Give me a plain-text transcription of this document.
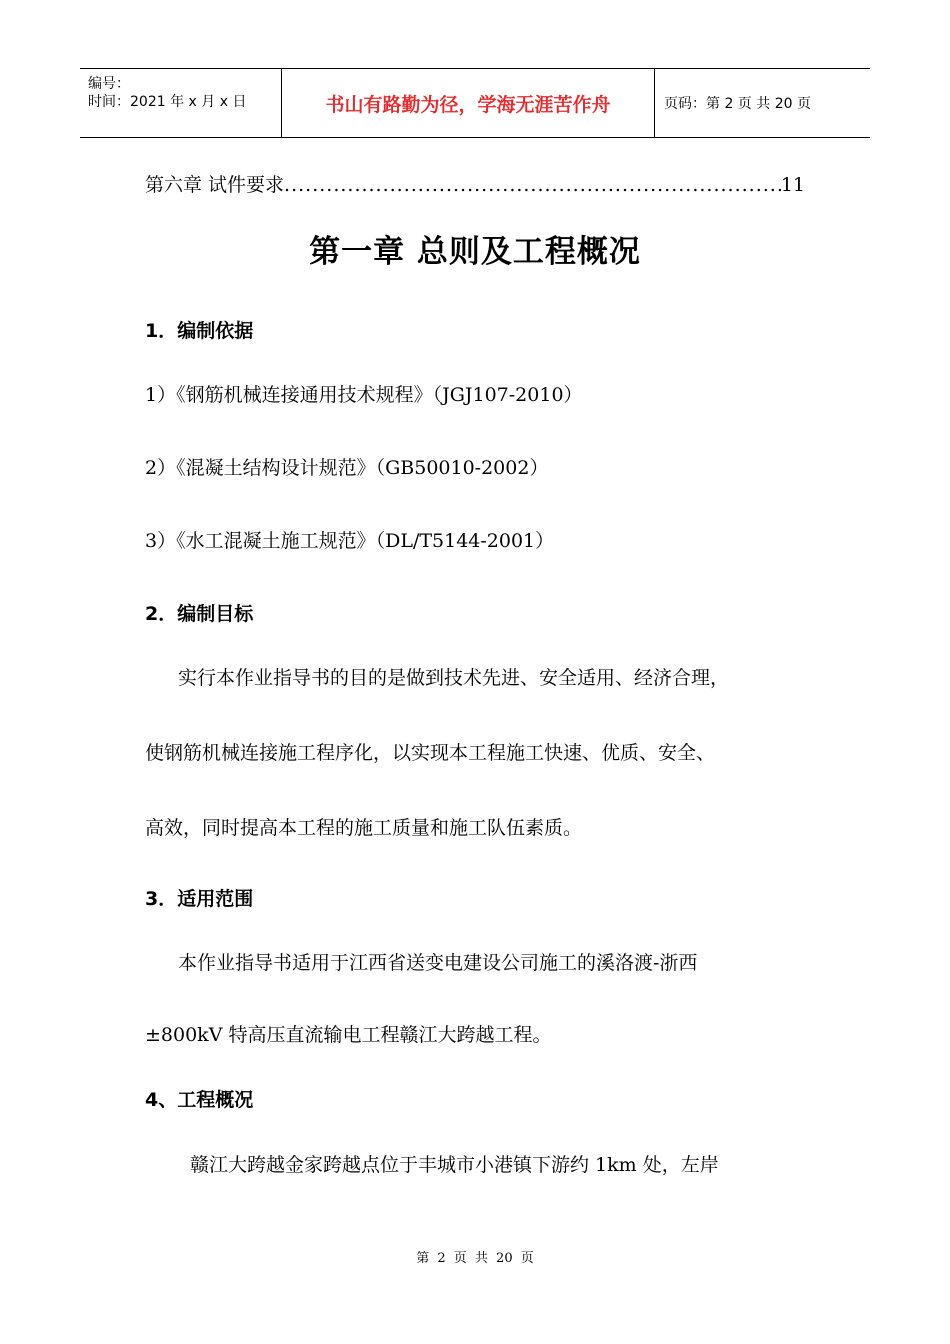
编号：
时间：2021 年 x 月 x 日	书山有路勤为径，学海无涯苦作舟	页码：第 2 页 共 20 页
第六章 试件要求
.....	11
第一章 总则及工程概况
1．编制依据
1）《钢筋机械连接通用技术规程》（JGJ107-2010）
2）《混凝土结构设计规范》（GB50010-2002）
3）《水工混凝土施工规范》（DL/T5144-2001）
2．编制目标
实行本作业指导书的目的是做到技术先进、安全适用、经济合理，
使钢筋机械连接施工程序化，以实现本工程施工快速、优质、安全、
高效，同时提高本工程的施工质量和施工队伍素质。
3．适用范围
本作业指导书适用于江西省送变电建设公司施工的溪洛渡-浙西
±800kV 特高压直流输电工程赣江大跨越工程。
4、工程概况
赣江大跨越金家跨越点位于丰城市小港镇下游约 1km 处，左岸
第 2 页 共 20 页
